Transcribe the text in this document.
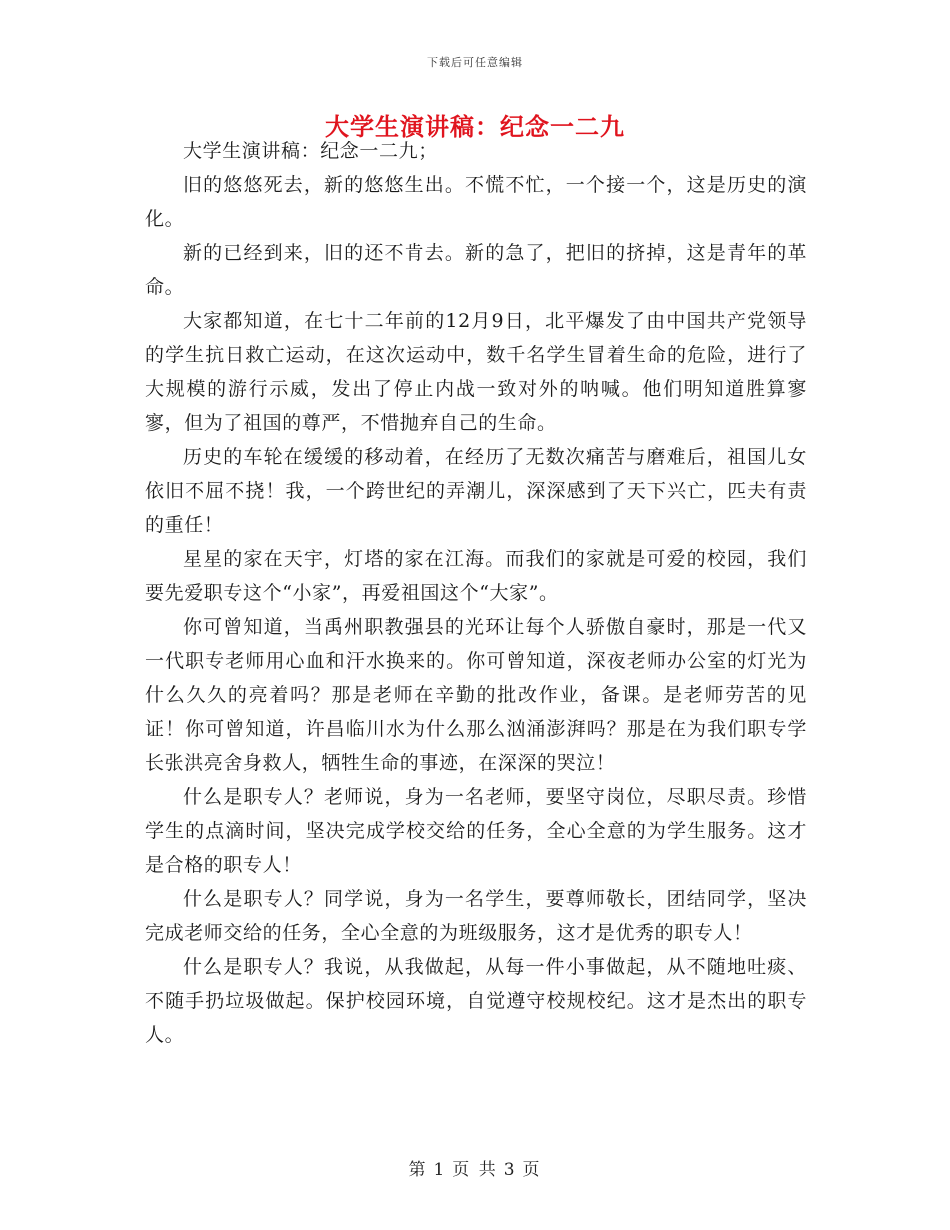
下载后可任意编辑
大学生演讲稿：纪念一二九

大学生演讲稿：纪念一二九；

旧的悠悠死去，新的悠悠生出。不慌不忙，一个接一个，这是历史的演化。

新的已经到来，旧的还不肯去。新的急了，把旧的挤掉，这是青年的革命。

大家都知道，在七十二年前的12月9日，北平爆发了由中国共产党领导的学生抗日救亡运动，在这次运动中，数千名学生冒着生命的危险，进行了大规模的游行示威，发出了停止内战一致对外的呐喊。他们明知道胜算寥寥，但为了祖国的尊严，不惜抛弃自己的生命。

历史的车轮在缓缓的移动着，在经历了无数次痛苦与磨难后，祖国儿女依旧不屈不挠！我，一个跨世纪的弄潮儿，深深感到了天下兴亡，匹夫有责的重任！

星星的家在天宇，灯塔的家在江海。而我们的家就是可爱的校园，我们要先爱职专这个“小家”，再爱祖国这个“大家”。

你可曾知道，当禹州职教强县的光环让每个人骄傲自豪时，那是一代又一代职专老师用心血和汗水换来的。你可曾知道，深夜老师办公室的灯光为什么久久的亮着吗？那是老师在辛勤的批改作业，备课。是老师劳苦的见证！你可曾知道，许昌临川水为什么那么汹涌澎湃吗？那是在为我们职专学长张洪亮舍身救人，牺牲生命的事迹，在深深的哭泣！

什么是职专人？老师说，身为一名老师，要坚守岗位，尽职尽责。珍惜学生的点滴时间，坚决完成学校交给的任务，全心全意的为学生服务。这才是合格的职专人！

什么是职专人？同学说，身为一名学生，要尊师敬长，团结同学，坚决完成老师交给的任务，全心全意的为班级服务，这才是优秀的职专人！

什么是职专人？我说，从我做起，从每一件小事做起，从不随地吐痰、不随手扔垃圾做起。保护校园环境，自觉遵守校规校纪。这才是杰出的职专人。

第 1 页 共 3 页
